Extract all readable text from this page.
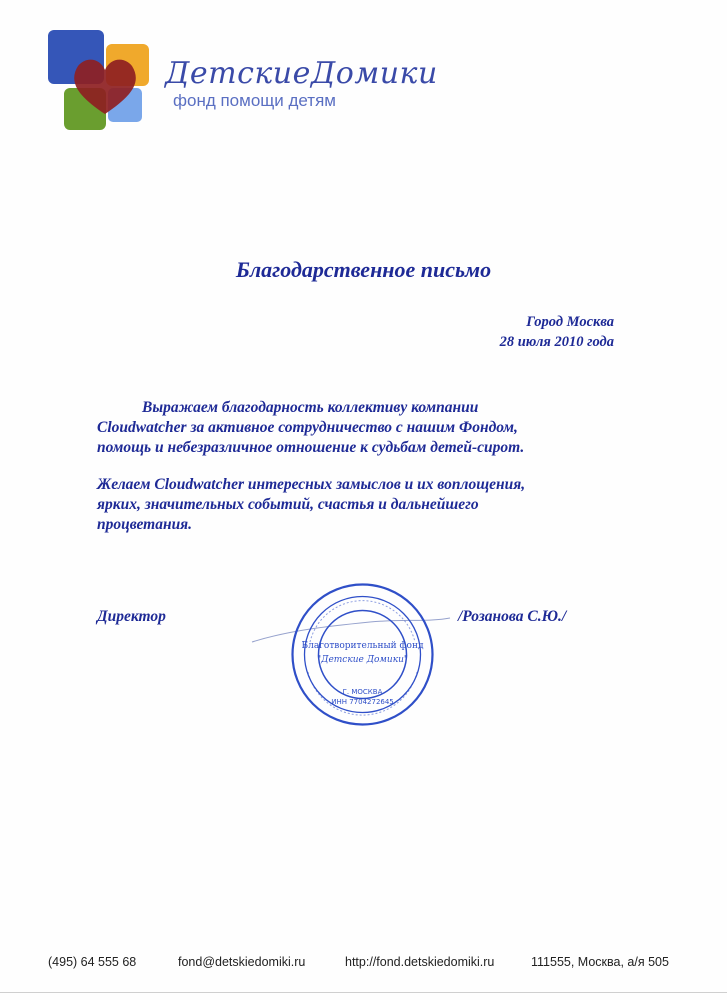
ДетскиеДомики
фонд помощи детям
Благодарственное письмо
Город Москва
28 июля 2010 года
Выражаем благодарность коллективу компании
Cloudwatcher за активное сотрудничество с нашим Фондом,
помощь и небезразличное отношение к судьбам детей-сирот.
Желаем Cloudwatcher интересных замыслов и их воплощения,
ярких, значительных событий, счастья и дальнейшего
процветания.
Директор	/Розанова С.Ю./
Благотворительный фонд
"Детские Домики"
Г. МОСКВА
ИНН 7704272645
(495) 64 555 68	fond@detskiedomiki.ru	http://fond.detskiedomiki.ru	111555, Москва, а/я 505
